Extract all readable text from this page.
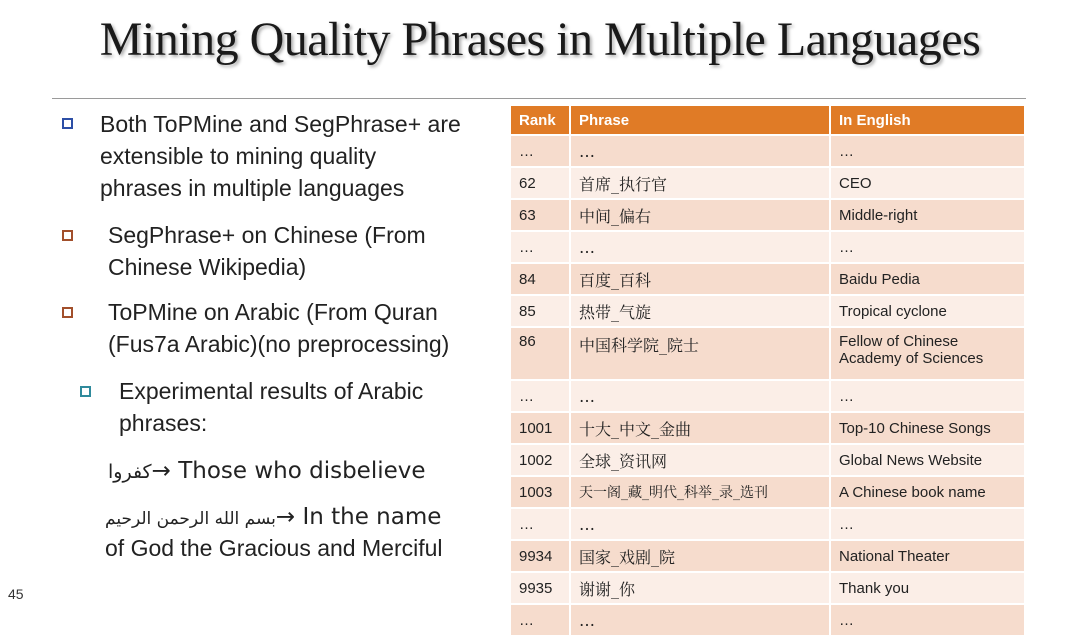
Mining Quality Phrases in Multiple Languages
Both ToPMine and SegPhrase+ are
extensible to mining quality
phrases in multiple languages
SegPhrase+ on Chinese (From
Chinese Wikipedia)
ToPMine on Arabic (From Quran
(Fus7a Arabic)(no preprocessing)
Experimental results of Arabic
phrases:
كفروا→ Those who disbelieve
بسم الله الرحمن الرحيم→ In the name
of God the Gracious and Merciful
Rank	Phrase	In English
…	…	…
62	首席_执行官	CEO
63	中间_偏右	Middle-right
…	…	…
84	百度_百科	Baidu Pedia
85	热带_气旋	Tropical cyclone
86	中国科学院_院士	Fellow of Chinese
Academy of Sciences
…	…	…
1001	十大_中文_金曲	Top-10 Chinese Songs
1002	全球_资讯网	Global News Website
1003	天一阁_藏_明代_科举_录_选刊	A Chinese book name
…	…	…
9934	国家_戏剧_院	National Theater
9935	谢谢_你	Thank you
…	…	…
45
